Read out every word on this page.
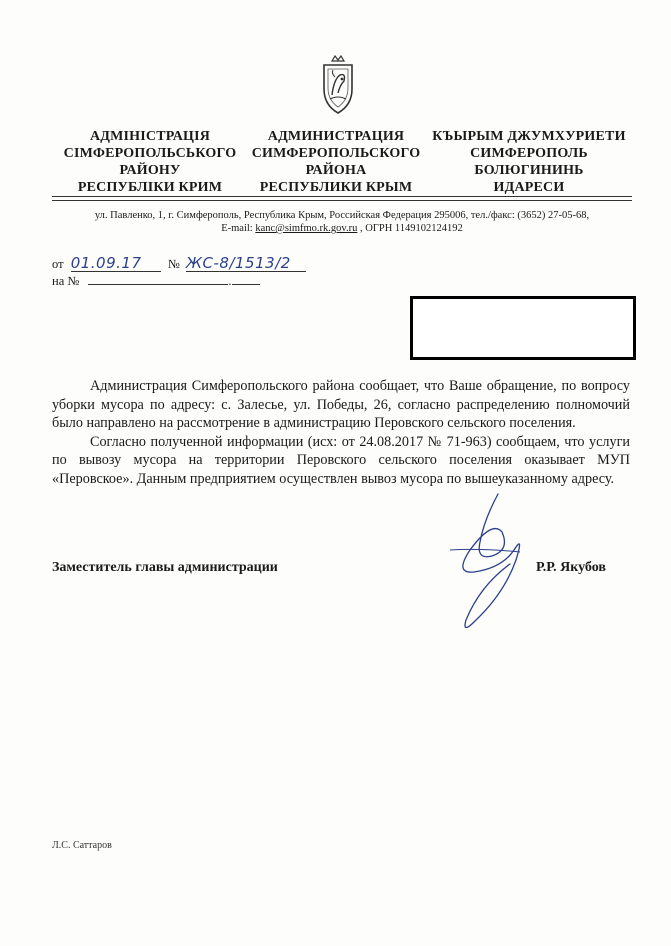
АДМІНІСТРАЦІЯ
СІМФЕРОПОЛЬСЬКОГО
РАЙОНУ
РЕСПУБЛІКИ КРИМ
АДМИНИСТРАЦИЯ
СИМФЕРОПОЛЬСКОГО
РАЙОНА
РЕСПУБЛИКИ КРЫМ
КЪЫРЫМ ДЖУМХУРИЕТИ
СИМФЕРОПОЛЬ
БОЛЮГИНИНЬ
ИДАРЕСИ
ул. Павленко, 1, г. Симферополь, Республика Крым, Российская Федерация 295006, тел./факс: (3652) 27-05-68,
E-mail: kanc@simfmo.rk.gov.ru , ОГРН 1149102124192
от 01.09.17 № ЖС-8/1513/2
на №	.

Администрация Симферопольского района сообщает, что Ваше обращение, по вопросу уборки мусора по адресу: с. Залесье, ул. Победы, 26, согласно распределению полномочий было направлено на рассмотрение в администрацию Перовского сельского поселения.

Согласно полученной информации (исх: от 24.08.2017 № 71-963) сообщаем, что услуги по вывозу мусора на территории Перовского сельского поселения оказывает МУП «Перовское». Данным предприятием осуществлен вывоз мусора по вышеуказанному адресу.

Заместитель главы администрации	Р.Р. Якубов
Л.С. Саттаров
